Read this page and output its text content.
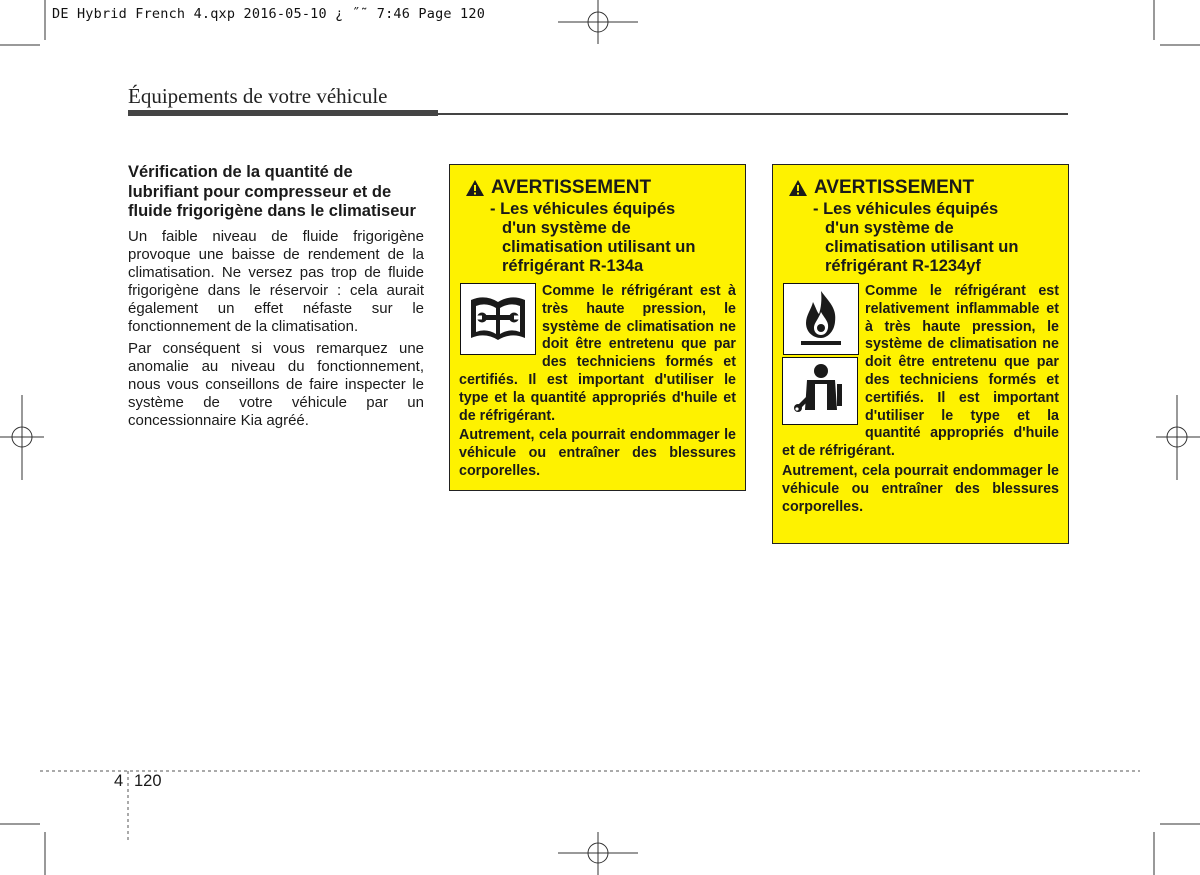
DE Hybrid French 4.qxp 2016-05-10 ¿ ˝˜ 7:46 Page 120
Équipements de votre véhicule
Vérification de la quantité de lubrifiant pour compresseur et de fluide frigorigène dans le climatiseur

Un faible niveau de fluide frigorigène provoque une baisse de rendement de la climatisation. Ne versez pas trop de fluide frigorigène dans le réservoir : cela aurait également un effet néfaste sur le fonctionnement de la climatisation.

Par conséquent si vous remarquez une anomalie au niveau du fonctionnement, nous vous conseillons de faire inspecter le système de votre véhicule par un concessionnaire Kia agréé.

AVERTISSEMENT
- Les véhicules équipés
d'un système de climatisation utilisant un réfrigérant R-134a

Comme le réfrigérant est à très haute pression, le système de climatisation ne doit être entretenu que par des techniciens formés et certifiés. Il est important d'utiliser le type et la quantité appropriés d'huile et de réfrigérant.

Autrement, cela pourrait endommager le véhicule ou entraîner des blessures corporelles.

AVERTISSEMENT
- Les véhicules équipés
d'un système de climatisation utilisant un réfrigérant R-1234yf

Comme le réfrigérant est relativement inflammable et à très haute pression, le système de climatisation ne doit être entretenu que par des techniciens formés et certifiés. Il est important d'utiliser le type et la quantité appropriés d'huile et de réfrigérant.

Autrement, cela pourrait endommager le véhicule ou entraîner des blessures corporelles.

4 120
